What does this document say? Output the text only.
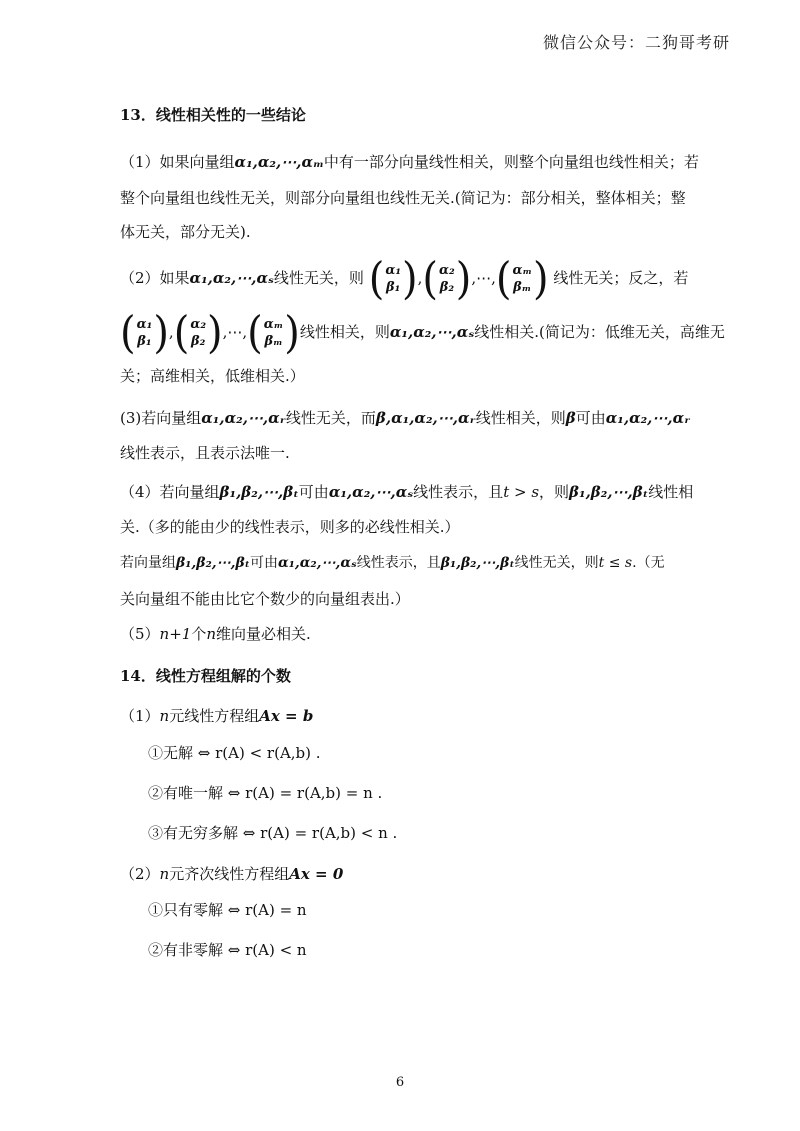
微信公众号：二狗哥考研
13．线性相关性的一些结论
（1）如果向量组α₁,α₂,⋯,αₘ中有一部分向量线性相关，则整个向量组也线性相关；若
整个向量组也线性无关，则部分向量组也线性无关.(简记为：部分相关，整体相关；整
体无关，部分无关).
（2）如果α₁,α₂,⋯,αₛ线性无关，则 ( α₁
β₁ ) , ( α₂
β₂ ) ,⋯, ( αₘ
βₘ ) 线性无关；反之，若
( α₁
β₁ ) , ( α₂
β₂ ) ,⋯, ( αₘ
βₘ ) 线性相关，则α₁,α₂,⋯,αₛ线性相关.(简记为：低维无关，高维无
关；高维相关，低维相关.）
(3)若向量组α₁,α₂,⋯,αᵣ线性无关，而β,α₁,α₂,⋯,αᵣ线性相关，则β可由α₁,α₂,⋯,αᵣ
线性表示，且表示法唯一.
（4）若向量组β₁,β₂,⋯,βₜ可由α₁,α₂,⋯,αₛ线性表示，且t > s，则β₁,β₂,⋯,βₜ线性相
关.（多的能由少的线性表示，则多的必线性相关.）
若向量组β₁,β₂,⋯,βₜ可由α₁,α₂,⋯,αₛ线性表示，且β₁,β₂,⋯,βₜ线性无关，则t ≤ s.（无
关向量组不能由比它个数少的向量组表出.）
（5）n+1个n维向量必相关.
14．线性方程组解的个数
（1）n元线性方程组Ax = b
①无解 ⇔ r(A) < r(A,b) .
②有唯一解 ⇔ r(A) = r(A,b) = n .
③有无穷多解 ⇔ r(A) = r(A,b) < n .
（2）n元齐次线性方程组Ax = 0
①只有零解 ⇔ r(A) = n
②有非零解 ⇔ r(A) < n
6
